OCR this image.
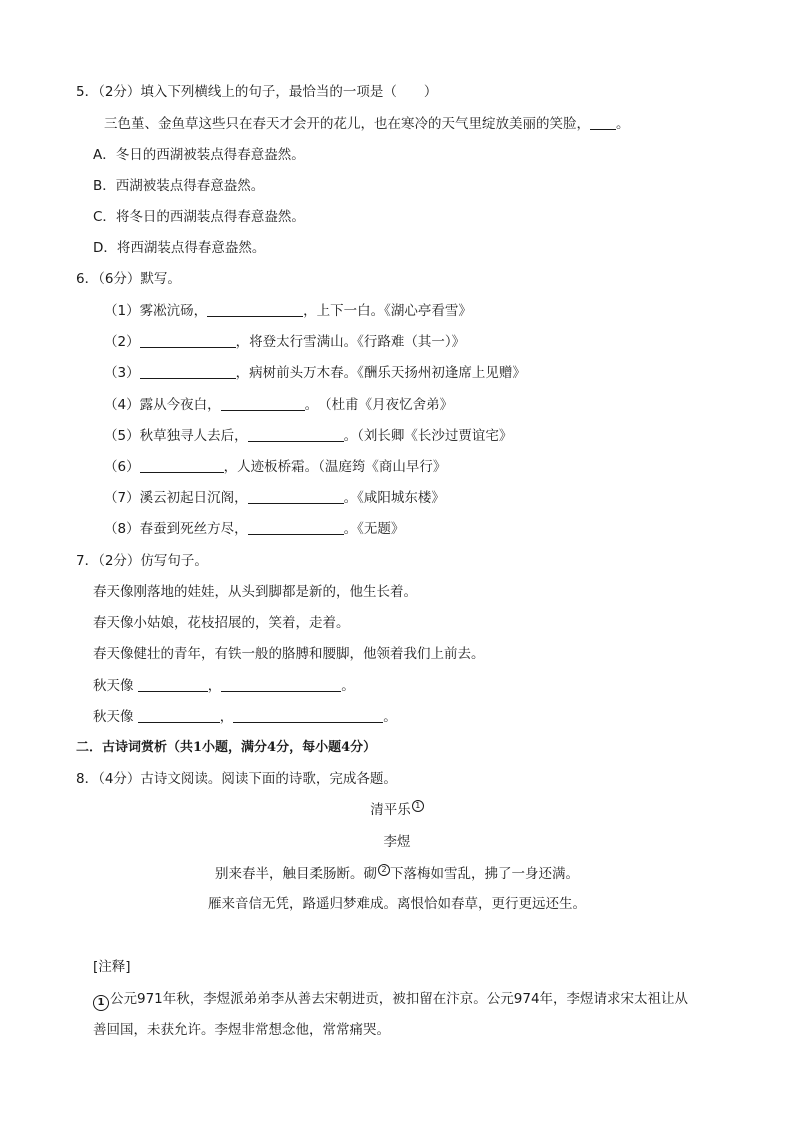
5．（2分）填入下列横线上的句子，最恰当的一项是（　　）
三色堇、金鱼草这些只在春天才会开的花儿，也在寒冷的天气里绽放美丽的笑脸， 。
A．冬日的西湖被装点得春意盎然。
B．西湖被装点得春意盎然。
C．将冬日的西湖装点得春意盎然。
D．将西湖装点得春意盎然。
6．（6分）默写。
（1）雾凇沆砀，	，上下一白。《湖心亭看雪》
（2）	，将登太行雪满山。《行路难（其一）》
（3）	，病树前头万木春。《酬乐天扬州初逢席上见赠》
（4）露从今夜白，	。　（杜甫《月夜忆舍弟》
（5）秋草独寻人去后，	。（刘长卿《长沙过贾谊宅》
（6）	，人迹板桥霜。（温庭筠《商山早行》
（7）溪云初起日沉阁，	。《咸阳城东楼》
（8）春蚕到死丝方尽，	。《无题》
7．（2分）仿写句子。
春天像刚落地的娃娃，从头到脚都是新的，他生长着。
春天像小姑娘，花枝招展的，笑着，走着。
春天像健壮的青年，有铁一般的胳膊和腰脚，他领着我们上前去。
秋天像	，	。
秋天像	，	。
二．古诗词赏析（共1小题，满分4分，每小题4分）
8．（4分）古诗文阅读。阅读下面的诗歌，完成各题。
清平乐 1
李煜
别来春半，触目柔肠断。砌 2 下落梅如雪乱，拂了一身还满。
雁来音信无凭，路遥归梦难成。离恨恰如春草，更行更远还生。
[注释]
1 公元971年秋，李煜派弟弟李从善去宋朝进贡，被扣留在汴京。公元974年，李煜请求宋太祖让从
善回国，未获允许。李煜非常想念他，常常痛哭。
